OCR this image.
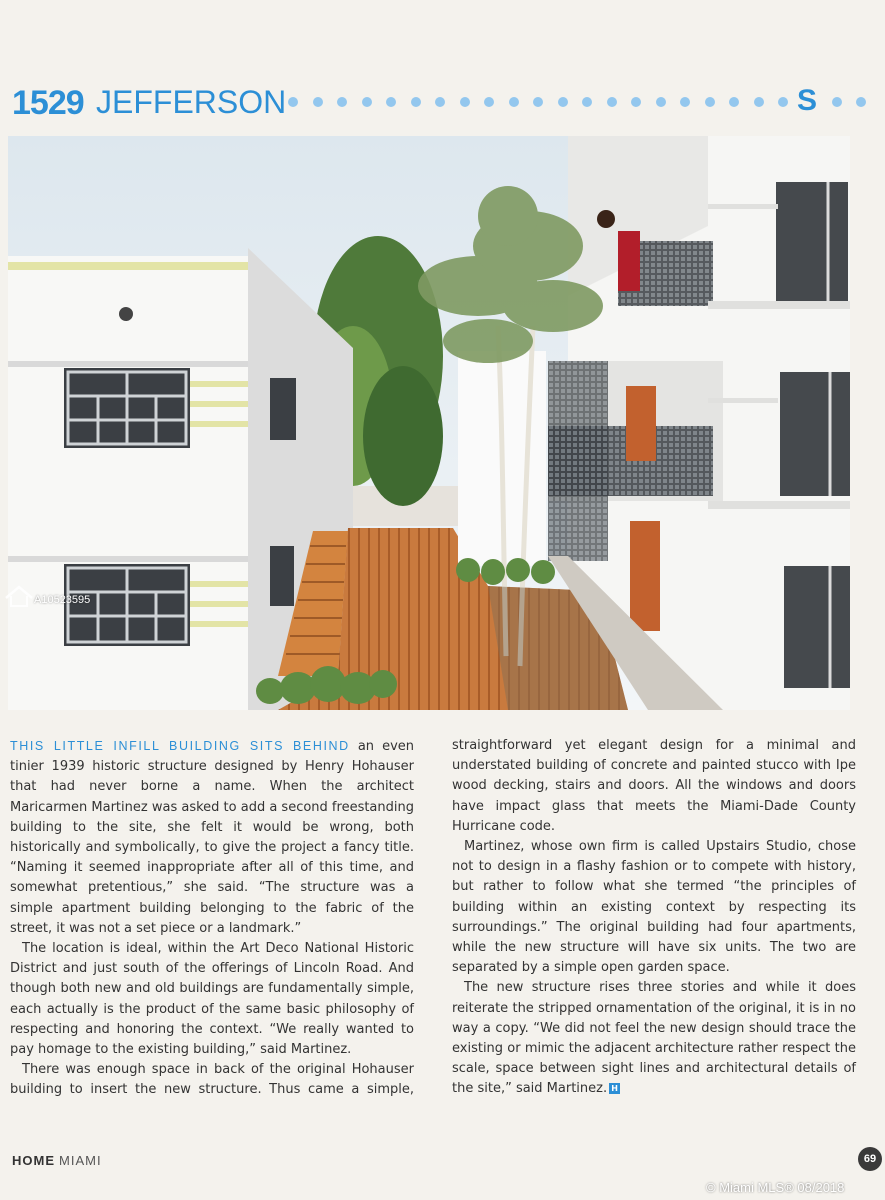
1529 JEFFERSON	S
A10523595

THIS LITTLE INFILL BUILDING SITS BEHIND an even tinier 1939 historic structure designed by Henry Hohauser that had never borne a name. When the architect Maricarmen Martinez was asked to add a second freestanding building to the site, she felt it would be wrong, both historically and symbolically, to give the project a fancy title. “Naming it seemed inappropriate after all of this time, and somewhat pretentious,” she said. “The structure was a simple apartment building belonging to the fabric of the street, it was not a set piece or a landmark.”

The location is ideal, within the Art Deco National Historic District and just south of the offerings of Lincoln Road. And though both new and old buildings are fundamentally simple, each actually is the product of the same basic philosophy of respecting and honoring the context. “We really wanted to pay homage to the existing building,” said Martinez.

There was enough space in back of the original Hohauser building to insert the new structure. Thus came a simple,

straightforward yet elegant design for a minimal and understated building of concrete and painted stucco with Ipe wood decking, stairs and doors. All the windows and doors have impact glass that meets the Miami-Dade County Hurricane code.

Martinez, whose own firm is called Upstairs Studio, chose not to design in a flashy fashion or to compete with history, but rather to follow what she termed “the principles of building within an existing context by respecting its surroundings.” The original building had four apartments, while the new structure will have six units. The two are separated by a simple open garden space.

The new structure rises three stories and while it does reiterate the stripped ornamentation of the original, it is in no way a copy. “We did not feel the new design should trace the existing or mimic the adjacent architecture rather respect the scale, space between sight lines and architectural details of the site,” said Martinez. H

HOME MIAMI	69
© Miami MLS® 08/2018
